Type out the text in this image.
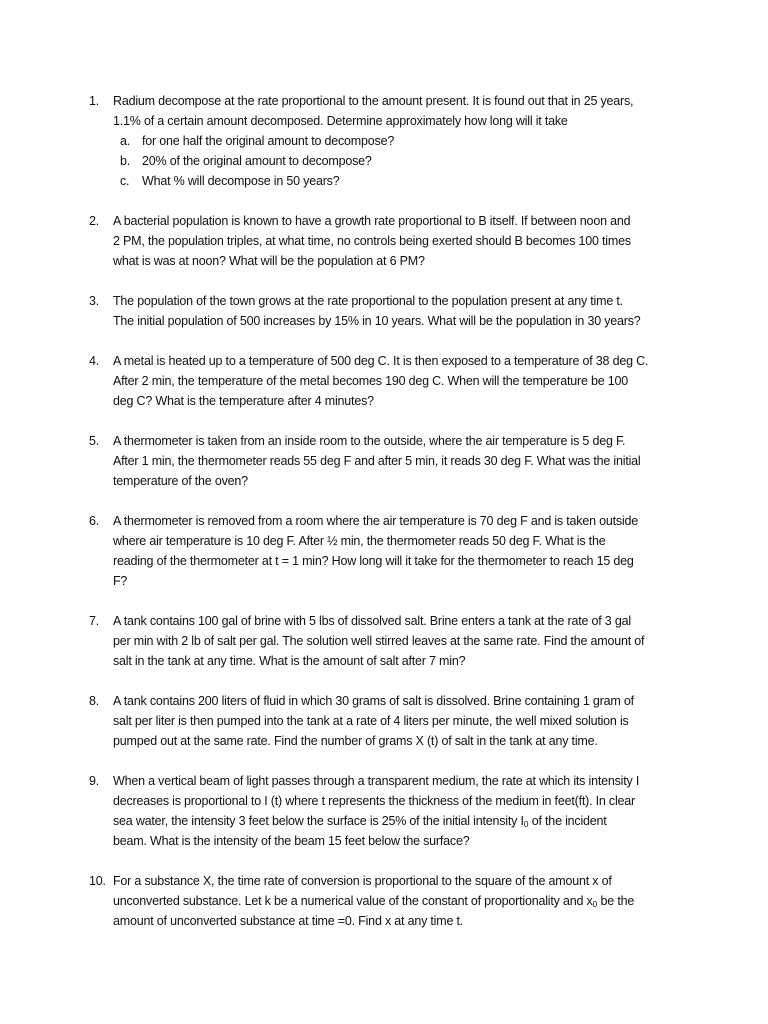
1. Radium decompose at the rate proportional to the amount present. It is found out that in 25 years,
1.1% of a certain amount decomposed. Determine approximately how long will it take
a. for one half the original amount to decompose?
b. 20% of the original amount to decompose?
c. What % will decompose in 50 years?
2. A bacterial population is known to have a growth rate proportional to B itself. If between noon and
2 PM, the population triples, at what time, no controls being exerted should B becomes 100 times
what is was at noon? What will be the population at 6 PM?
3. The population of the town grows at the rate proportional to the population present at any time t.
The initial population of 500 increases by 15% in 10 years. What will be the population in 30 years?
4. A metal is heated up to a temperature of 500 deg C. It is then exposed to a temperature of 38 deg C.
After 2 min, the temperature of the metal becomes 190 deg C. When will the temperature be 100
deg C? What is the temperature after 4 minutes?
5. A thermometer is taken from an inside room to the outside, where the air temperature is 5 deg F.
After 1 min, the thermometer reads 55 deg F and after 5 min, it reads 30 deg F. What was the initial
temperature of the oven?
6. A thermometer is removed from a room where the air temperature is 70 deg F and is taken outside
where air temperature is 10 deg F. After ½ min, the thermometer reads 50 deg F. What is the
reading of the thermometer at t = 1 min? How long will it take for the thermometer to reach 15 deg
F?
7. A tank contains 100 gal of brine with 5 lbs of dissolved salt. Brine enters a tank at the rate of 3 gal
per min with 2 lb of salt per gal. The solution well stirred leaves at the same rate. Find the amount of
salt in the tank at any time. What is the amount of salt after 7 min?
8. A tank contains 200 liters of fluid in which 30 grams of salt is dissolved. Brine containing 1 gram of
salt per liter is then pumped into the tank at a rate of 4 liters per minute, the well mixed solution is
pumped out at the same rate. Find the number of grams X (t) of salt in the tank at any time.
9. When a vertical beam of light passes through a transparent medium, the rate at which its intensity I
decreases is proportional to I (t) where t represents the thickness of the medium in feet(ft). In clear
sea water, the intensity 3 feet below the surface is 25% of the initial intensity $I_0$ of the incident
beam. What is the intensity of the beam 15 feet below the surface?
10. For a substance X, the time rate of conversion is proportional to the square of the amount x of
unconverted substance. Let k be a numerical value of the constant of proportionality and $x_0$ be the
amount of unconverted substance at time =0. Find x at any time t.
